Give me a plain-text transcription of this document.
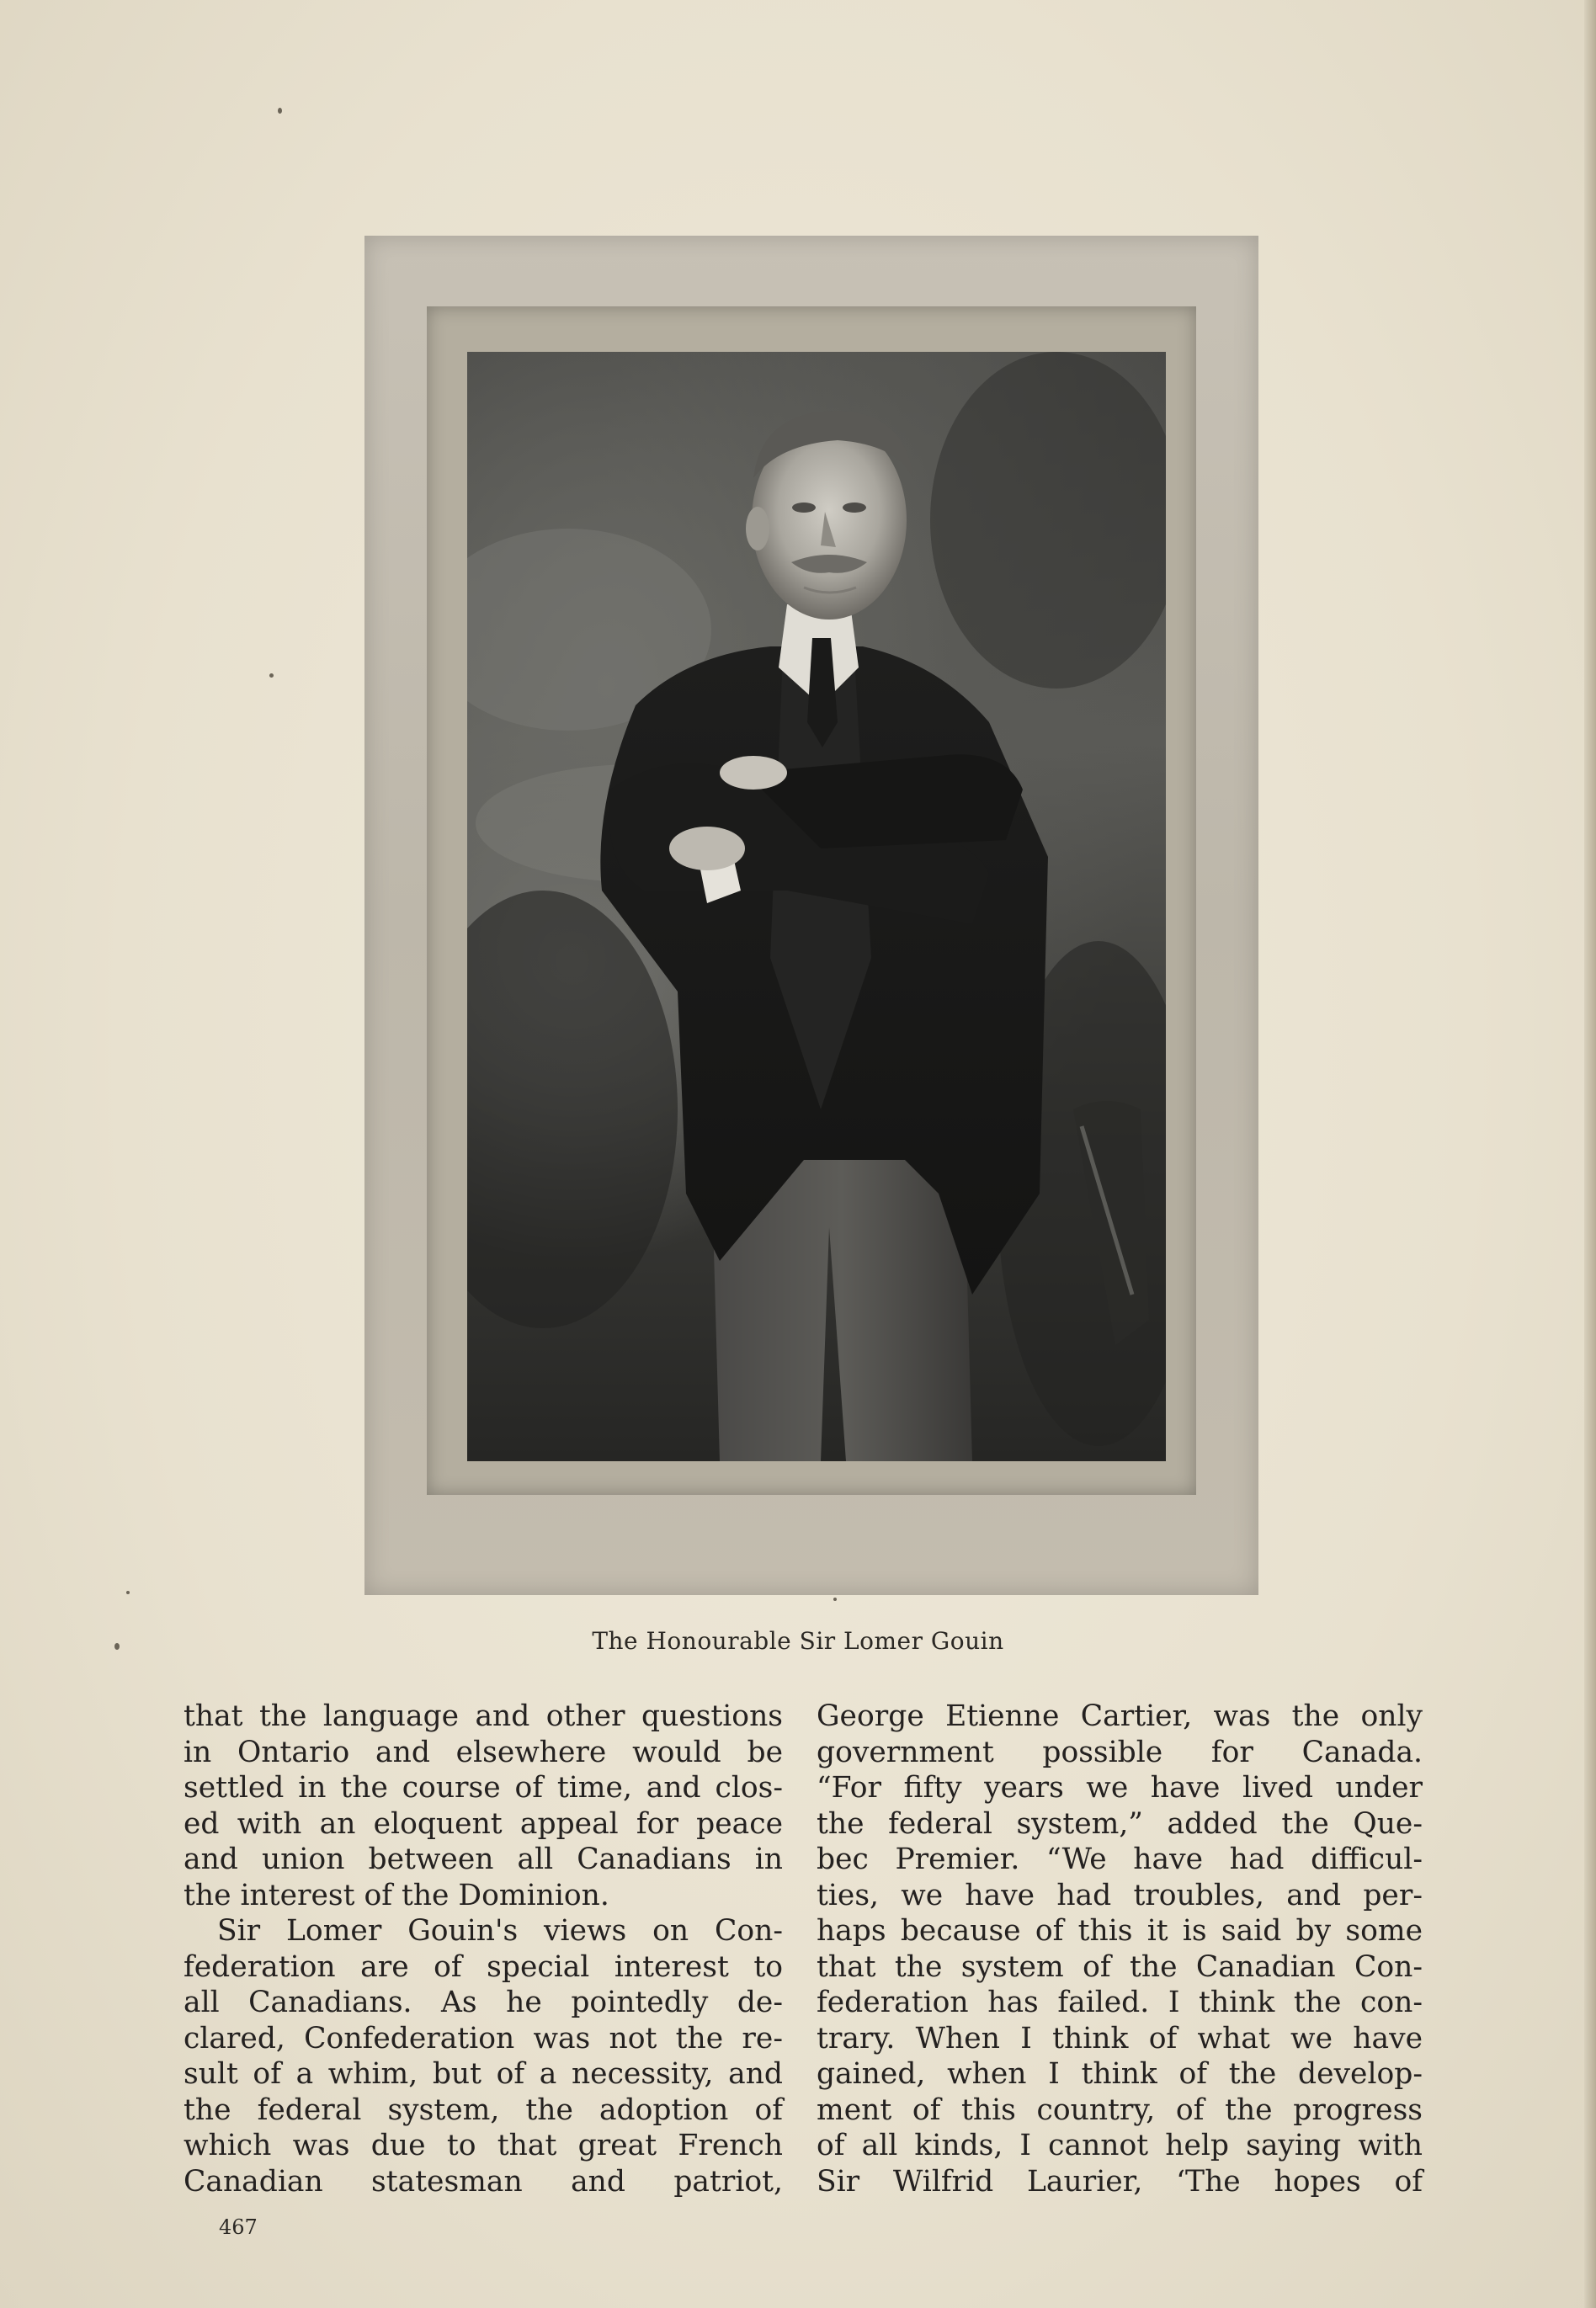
The Honourable Sir Lomer Gouin
that the language and other questions
in Ontario and elsewhere would be
settled in the course of time, and clos-
ed with an eloquent appeal for peace
and union between all Canadians in
the interest of the Dominion.
Sir Lomer Gouin's views on Con-
federation are of special interest to
all Canadians. As he pointedly de-
clared, Confederation was not the re-
sult of a whim, but of a necessity, and
the federal system, the adoption of
which was due to that great French
Canadian statesman and patriot,
George Etienne Cartier, was the only
government possible for Canada.
“For fifty years we have lived under
the federal system,” added the Que-
bec Premier. “We have had difficul-
ties, we have had troubles, and per-
haps because of this it is said by some
that the system of the Canadian Con-
federation has failed. I think the con-
trary. When I think of what we have
gained, when I think of the develop-
ment of this country, of the progress
of all kinds, I cannot help saying with
Sir Wilfrid Laurier, ‘The hopes of
467
